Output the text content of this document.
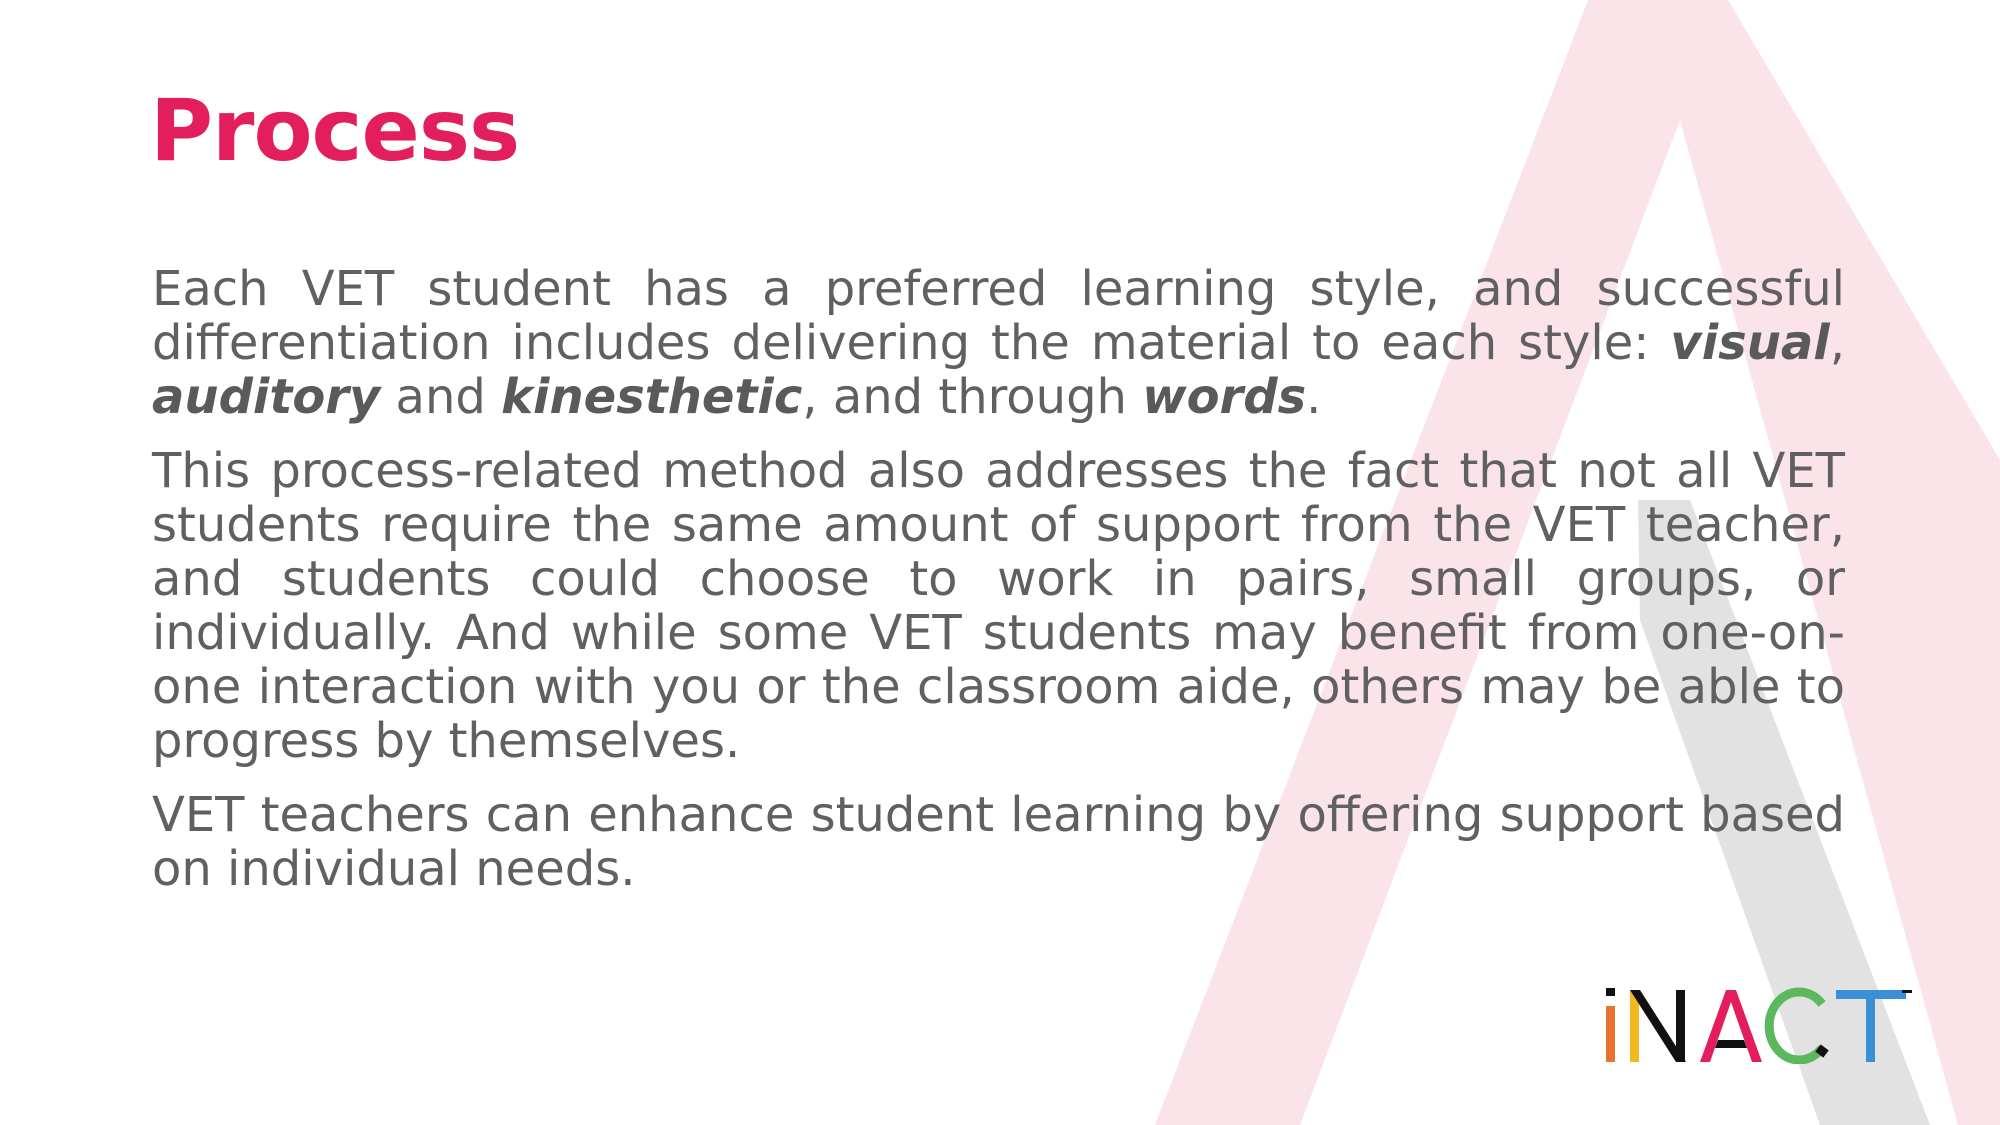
Process

Each VET student has a preferred learning style, and successful differentiation includes delivering the material to each style: visual, auditory and kinesthetic, and through words.

This process-related method also addresses the fact that not all VET students require the same amount of support from the VET teacher, and students could choose to work in pairs, small groups, or individually. And while some VET students may benefit from one-on-one interaction with you or the classroom aide, others may be able to progress by themselves.

VET teachers can enhance student learning by offering support based on individual needs.
